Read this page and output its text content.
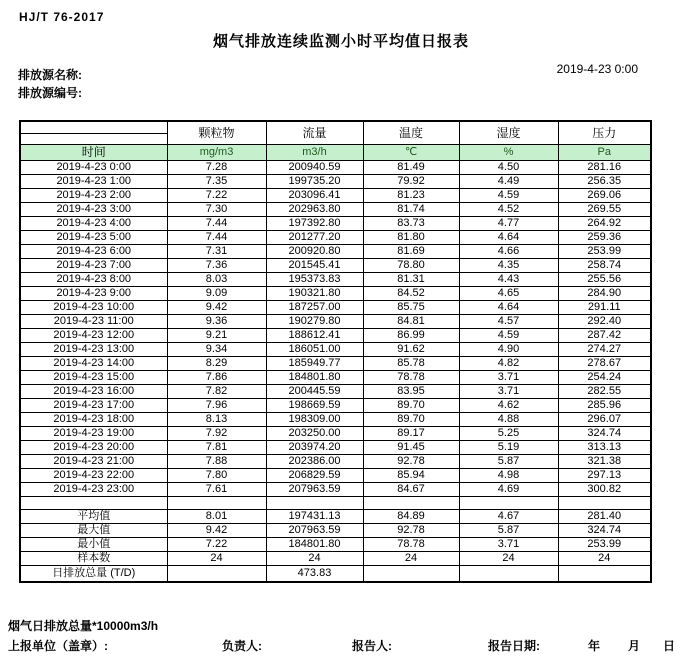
HJ/T 76-2017
烟气排放连续监测小时平均值日报表
排放源名称:
排放源编号:
2019-4-23 0:00
	颗粒物	流量	温度	湿度	压力

时间	mg/m3	m3/h	℃	%	Pa
2019-4-23 0:00	7.28	200940.59	81.49	4.50	281.16
2019-4-23 1:00	7.35	199735.20	79.92	4.49	256.35
2019-4-23 2:00	7.22	203096.41	81.23	4.59	269.06
2019-4-23 3:00	7.30	202963.80	81.74	4.52	269.55
2019-4-23 4:00	7.44	197392.80	83.73	4.77	264.92
2019-4-23 5:00	7.44	201277.20	81.80	4.64	259.36
2019-4-23 6:00	7.31	200920.80	81.69	4.66	253.99
2019-4-23 7:00	7.36	201545.41	78.80	4.35	258.74
2019-4-23 8:00	8.03	195373.83	81.31	4.43	255.56
2019-4-23 9:00	9.09	190321.80	84.52	4.65	284.90
2019-4-23 10:00	9.42	187257.00	85.75	4.64	291.11
2019-4-23 11:00	9.36	190279.80	84.81	4.57	292.40
2019-4-23 12:00	9.21	188612.41	86.99	4.59	287.42
2019-4-23 13:00	9.34	186051.00	91.62	4.90	274.27
2019-4-23 14:00	8.29	185949.77	85.78	4.82	278.67
2019-4-23 15:00	7.86	184801.80	78.78	3.71	254.24
2019-4-23 16:00	7.82	200445.59	83.95	3.71	282.55
2019-4-23 17:00	7.96	198669.59	89.70	4.62	285.96
2019-4-23 18:00	8.13	198309.00	89.70	4.88	296.07
2019-4-23 19:00	7.92	203250.00	89.17	5.25	324.74
2019-4-23 20:00	7.81	203974.20	91.45	5.19	313.13
2019-4-23 21:00	7.88	202386.00	92.78	5.87	321.38
2019-4-23 22:00	7.80	206829.59	85.94	4.98	297.13
2019-4-23 23:00	7.61	207963.59	84.67	4.69	300.82

平均值	8.01	197431.13	84.89	4.67	281.40
最大值	9.42	207963.59	92.78	5.87	324.74
最小值	7.22	184801.80	78.78	3.71	253.99
样本数	24	24	24	24	24
日排放总量 (T/D)		473.83			
烟气日排放总量*10000m3/h
上报单位（盖章）:	负责人:	报告人:	报告日期:	年 月 日
